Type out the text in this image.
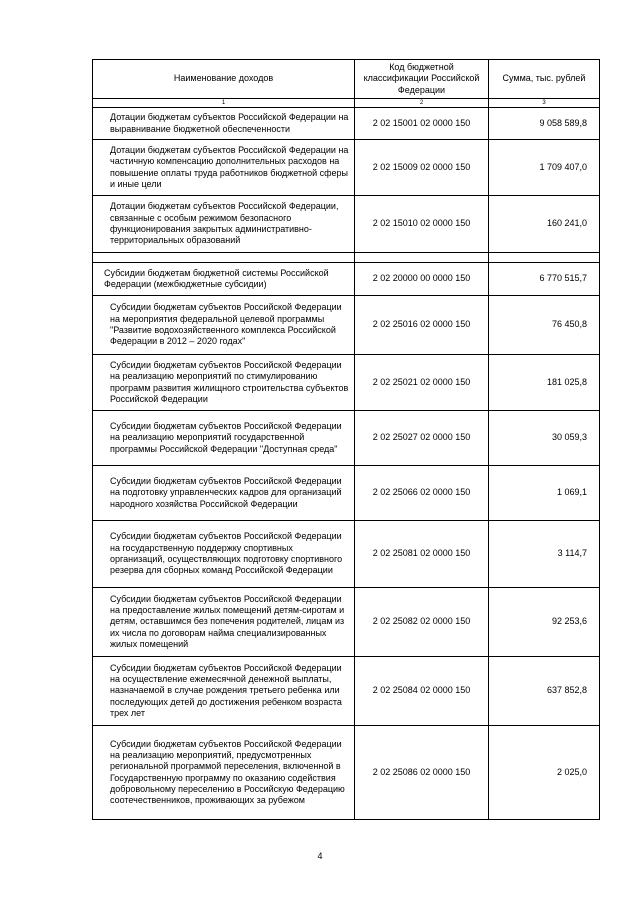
Наименование доходов	Код бюджетной классификации Российской Федерации	Сумма, тыс. рублей
1	2	3
Дотации бюджетам субъектов Российской Федерации на выравнивание бюджетной обеспеченности	2 02 15001 02 0000 150	9 058 589,8
Дотации бюджетам субъектов Российской Федерации на частичную компенсацию дополнительных расходов на повышение оплаты труда работников бюджетной сферы и иные цели	2 02 15009 02 0000 150	1 709 407,0
Дотации бюджетам субъектов Российской Федерации, связанные с особым режимом безопасного функционирования закрытых административно-территориальных образований	2 02 15010 02 0000 150	160 241,0

Субсидии бюджетам бюджетной системы Российской Федерации (межбюджетные субсидии)	2 02 20000 00 0000 150	6 770 515,7
Субсидии бюджетам субъектов Российской Федерации на мероприятия федеральной целевой программы "Развитие водохозяйственного комплекса Российской Федерации в 2012 – 2020 годах"	2 02 25016 02 0000 150	76 450,8
Субсидии бюджетам субъектов Российской Федерации на реализацию мероприятий по стимулированию программ развития жилищного строительства субъектов Российской Федерации	2 02 25021 02 0000 150	181 025,8
Субсидии бюджетам субъектов Российской Федерации на реализацию мероприятий государственной программы Российской Федерации "Доступная среда"	2 02 25027 02 0000 150	30 059,3
Субсидии бюджетам субъектов Российской Федерации на подготовку управленческих кадров для организаций народного хозяйства Российской Федерации	2 02 25066 02 0000 150	1 069,1
Субсидии бюджетам субъектов Российской Федерации на государственную поддержку спортивных организаций, осуществляющих подготовку спортивного резерва для сборных команд Российской Федерации	2 02 25081 02 0000 150	3 114,7
Субсидии бюджетам субъектов Российской Федерации на предоставление жилых помещений детям-сиротам и детям, оставшимся без попечения родителей, лицам из их числа по договорам найма специализированных жилых помещений	2 02 25082 02 0000 150	92 253,6
Субсидии бюджетам субъектов Российской Федерации на осуществление ежемесячной денежной выплаты, назначаемой в случае рождения третьего ребенка или последующих детей до достижения ребенком возраста трех лет	2 02 25084 02 0000 150	637 852,8
Субсидии бюджетам субъектов Российской Федерации на реализацию мероприятий, предусмотренных региональной программой переселения, включенной в Государственную программу по оказанию содействия добровольному переселению в Российскую Федерацию соотечественников, проживающих за рубежом	2 02 25086 02 0000 150	2 025,0
4
